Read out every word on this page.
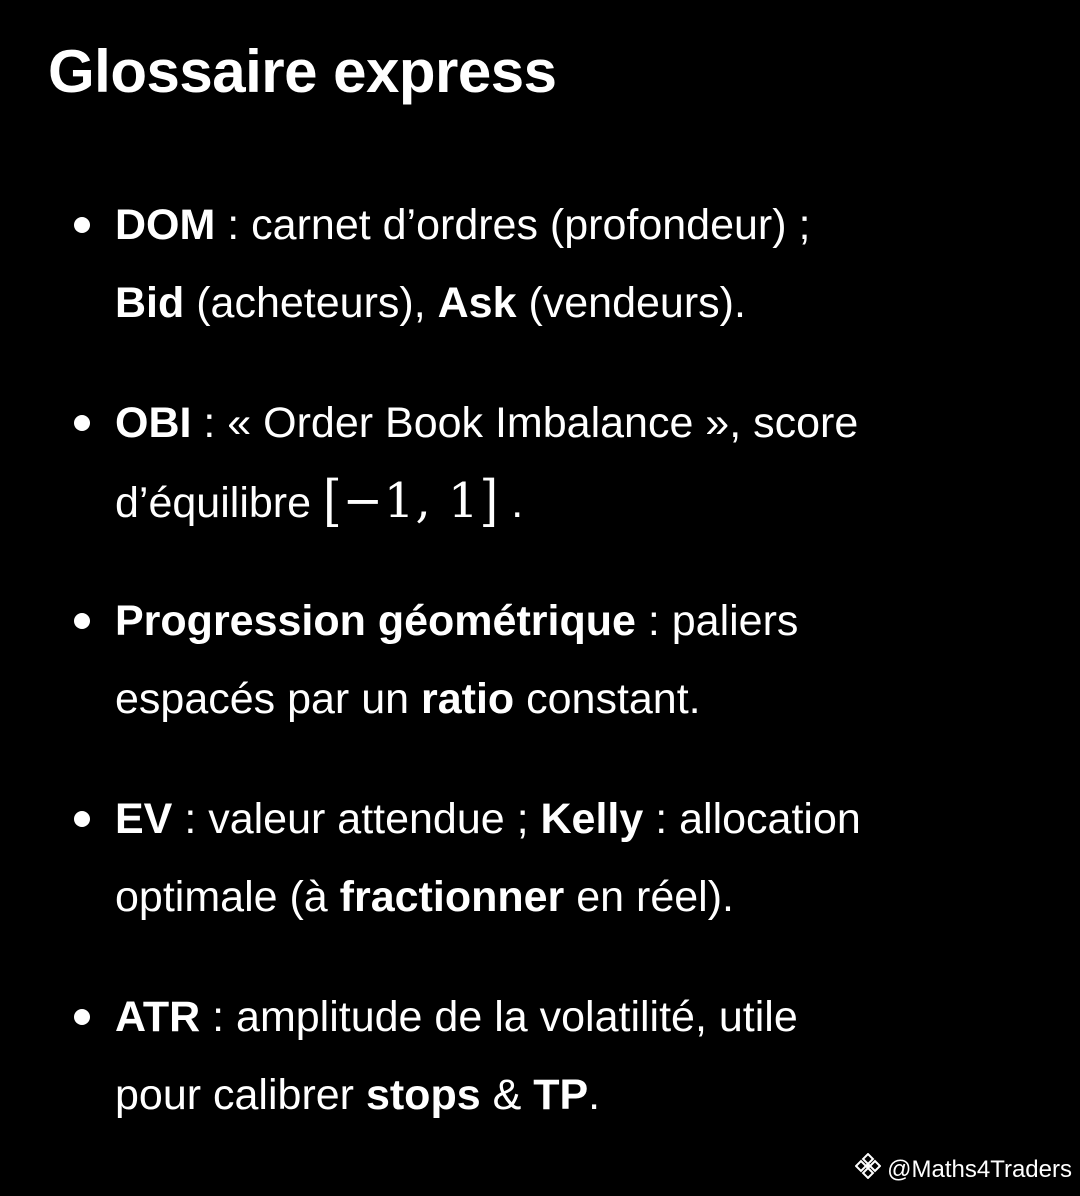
Glossaire express
DOM : carnet d’ordres (profondeur) ;
Bid (acheteurs), Ask (vendeurs).
OBI : « Order Book Imbalance », score
d’équilibre [−1, 1] .
Progression géométrique : paliers
espacés par un ratio constant.
EV : valeur attendue ; Kelly : allocation
optimale (à fractionner en réel).
ATR : amplitude de la volatilité, utile
pour calibrer stops & TP.
@Maths4Traders
